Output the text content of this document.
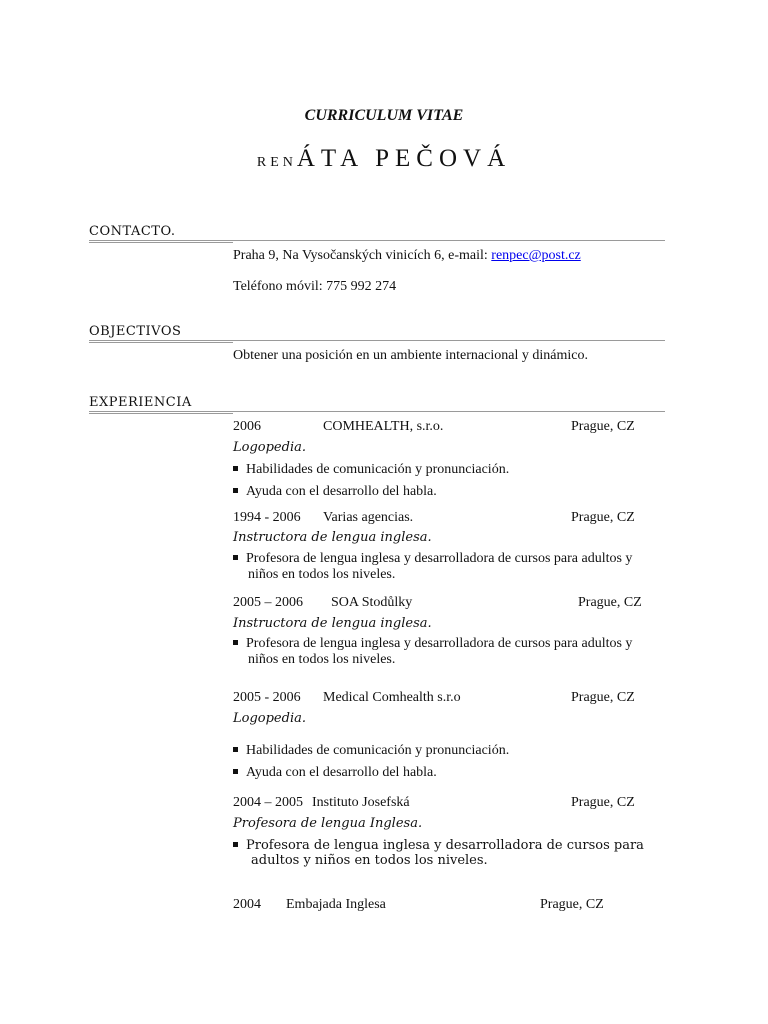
CURRICULUM VITAE
RENÁTA PEČOVÁ
CONTACTO.
Praha 9, Na Vysočanských vinicích 6, e-mail: renpec@post.cz
Teléfono móvil: 775 992 274
OBJECTIVOS
Obtener una posición en un ambiente internacional y dinámico.
EXPERIENCIA
2006	COMHEALTH, s.r.o.	Prague, CZ
Logopedia.
Habilidades de comunicación y pronunciación.
Ayuda con el desarrollo del habla.
1994 - 2006 Varias agencias.	Prague, CZ
Instructora de lengua inglesa.
Profesora de lengua inglesa y desarrolladora de cursos para adultos y
niños en todos los niveles.
2005 – 2006 SOA Stodůlky	Prague, CZ
Instructora de lengua inglesa.
Profesora de lengua inglesa y desarrolladora de cursos para adultos y
niños en todos los niveles.
2005 - 2006 Medical Comhealth s.r.o	Prague, CZ
Logopedia.
Habilidades de comunicación y pronunciación.
Ayuda con el desarrollo del habla.
2004 – 2005 Instituto Josefská	Prague, CZ
Profesora de lengua Inglesa.
Profesora de lengua inglesa y desarrolladora de cursos para
adultos y niños en todos los niveles.
2004 Embajada Inglesa	Prague, CZ
